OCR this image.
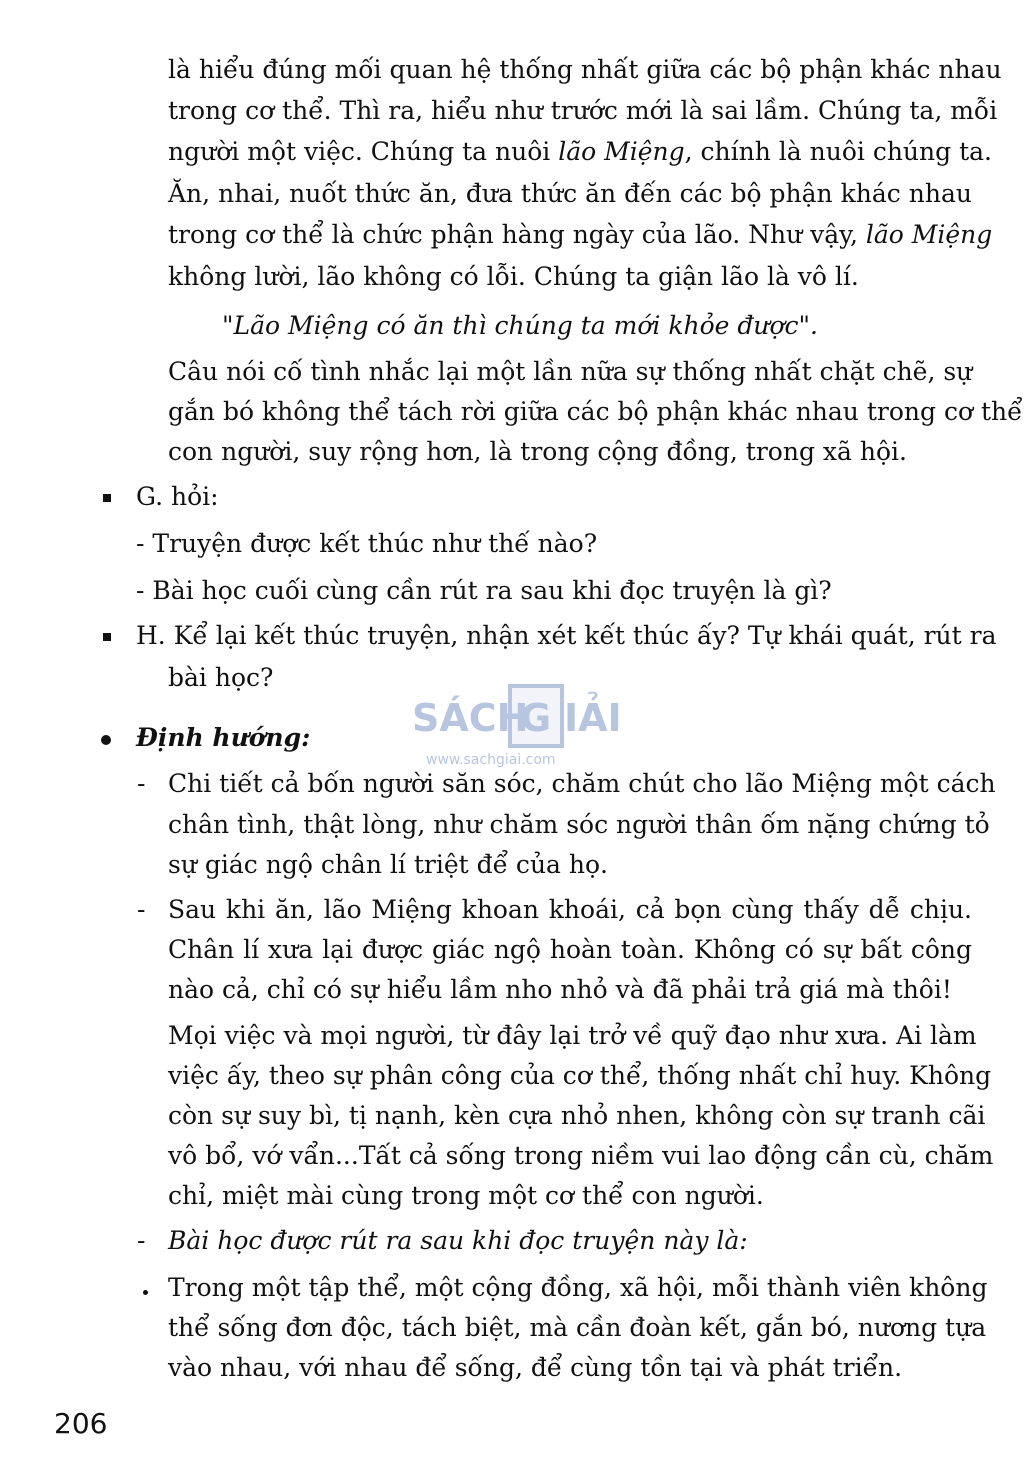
là hiểu đúng mối quan hệ thống nhất giữa các bộ phận khác nhau
trong cơ thể. Thì ra, hiểu như trước mới là sai lầm. Chúng ta, mỗi
người một việc. Chúng ta nuôi lão Miệng, chính là nuôi chúng ta.
Ăn, nhai, nuốt thức ăn, đưa thức ăn đến các bộ phận khác nhau
trong cơ thể là chức phận hàng ngày của lão. Như vậy, lão Miệng
không lười, lão không có lỗi. Chúng ta giận lão là vô lí.
"Lão Miệng có ăn thì chúng ta mới khỏe được".
Câu nói cố tình nhắc lại một lần nữa sự thống nhất chặt chẽ, sự
gắn bó không thể tách rời giữa các bộ phận khác nhau trong cơ thể
con người, suy rộng hơn, là trong cộng đồng, trong xã hội.
G. hỏi:
- Truyện được kết thúc như thế nào?
- Bài học cuối cùng cần rút ra sau khi đọc truyện là gì?
H. Kể lại kết thúc truyện, nhận xét kết thúc ấy? Tự khái quát, rút ra
bài học?
SÁCH
G IẢI
www.sachgiai.com
Định hướng:
- Chi tiết cả bốn người săn sóc, chăm chút cho lão Miệng một cách
chân tình, thật lòng, như chăm sóc người thân ốm nặng chứng tỏ
sự giác ngộ chân lí triệt để của họ.
- Sau khi ăn, lão Miệng khoan khoái, cả bọn cùng thấy dễ chịu.
Chân lí xưa lại được giác ngộ hoàn toàn. Không có sự bất công
nào cả, chỉ có sự hiểu lầm nho nhỏ và đã phải trả giá mà thôi!
Mọi việc và mọi người, từ đây lại trở về quỹ đạo như xưa. Ai làm
việc ấy, theo sự phân công của cơ thể, thống nhất chỉ huy. Không
còn sự suy bì, tị nạnh, kèn cựa nhỏ nhen, không còn sự tranh cãi
vô bổ, vớ vẩn...Tất cả sống trong niềm vui lao động cần cù, chăm
chỉ, miệt mài cùng trong một cơ thể con người.
- Bài học được rút ra sau khi đọc truyện này là:
Trong một tập thể, một cộng đồng, xã hội, mỗi thành viên không
thể sống đơn độc, tách biệt, mà cần đoàn kết, gắn bó, nương tựa
vào nhau, với nhau để sống, để cùng tồn tại và phát triển.
206
